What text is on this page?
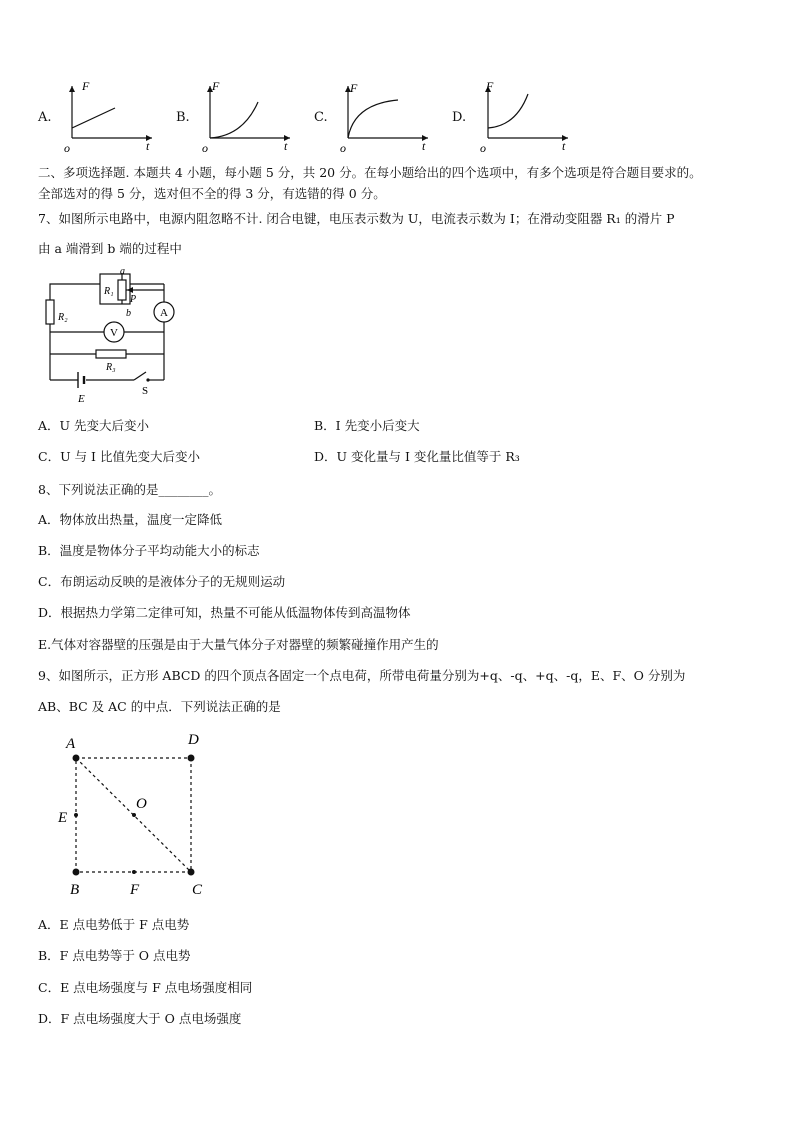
A.
F
t
o
B.
F
t
o
C.
F
t
o
D.
F
t
o
二、多项选择题. 本题共 4 小题，每小题 5 分，共 20 分。在每小题给出的四个选项中，有多个选项是符合题目要求的。
全部选对的得 5 分，选对但不全的得 3 分，有选错的得 0 分。
7、如图所示电路中，电源内阻忽略不计. 闭合电键，电压表示数为 U，电流表示数为 I；在滑动变阻器 R₁ 的滑片 P
由 a 端滑到 b 端的过程中
V
A
R₁
R₂
R₃
a
b
P
E
S
A．U 先变大后变小	B．I 先变小后变大
C．U 与 I 比值先变大后变小	D．U 变化量与 I 变化量比值等于 R₃
8、下列说法正确的是________。
A．物体放出热量，温度一定降低
B．温度是物体分子平均动能大小的标志
C．布朗运动反映的是液体分子的无规则运动
D．根据热力学第二定律可知，热量不可能从低温物体传到高温物体
E.气体对容器壁的压强是由于大量气体分子对器壁的频繁碰撞作用产生的
9、如图所示，正方形 ABCD 的四个顶点各固定一个点电荷，所带电荷量分别为+q、-q、+q、-q，E、F、O 分别为
AB、BC 及 AC 的中点．下列说法正确的是
A	D
B	C
E
F
O
A．E 点电势低于 F 点电势
B．F 点电势等于 O 点电势
C．E 点电场强度与 F 点电场强度相同
D．F 点电场强度大于 O 点电场强度
